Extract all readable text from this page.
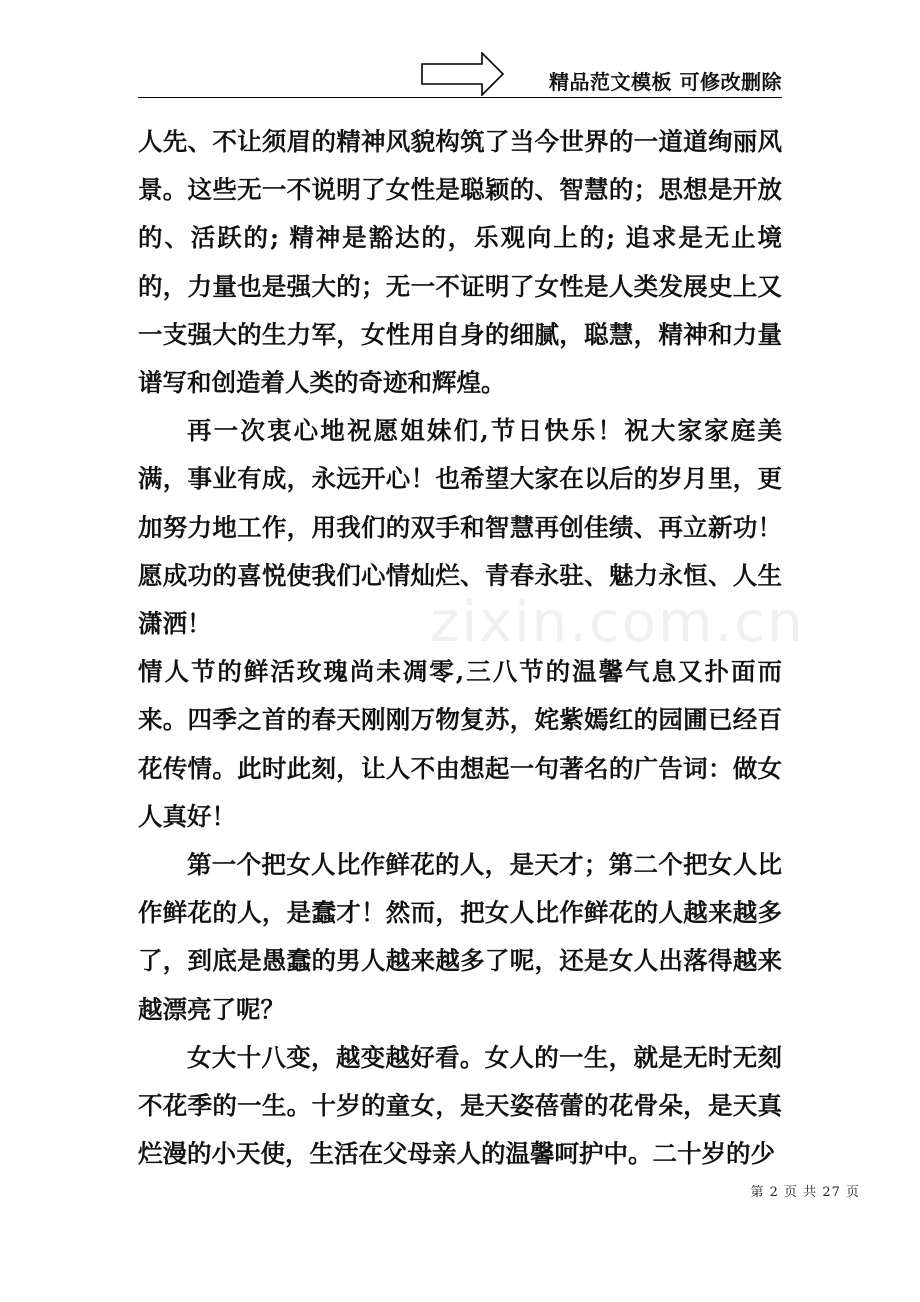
精品范文模板 可修改删除
zixin.com.cn

人先、不让须眉的精神风貌构筑了当今世界的一道道绚丽风景。这些无一不说明了女性是聪颖的、智慧的；思想是开放的、活跃的; 精神是豁达的，乐观向上的; 追求是无止境的，力量也是强大的；无一不证明了女性是人类发展史上又一支强大的生力军，女性用自身的细腻，聪慧，精神和力量谱写和创造着人类的奇迹和辉煌。

再一次衷心地祝愿姐妹们,节日快乐！祝大家家庭美满，事业有成，永远开心！也希望大家在以后的岁月里，更加努力地工作，用我们的双手和智慧再创佳绩、再立新功！愿成功的喜悦使我们心情灿烂、青春永驻、魅力永恒、人生潇洒！

情人节的鲜活玫瑰尚未凋零,三八节的温馨气息又扑面而来。四季之首的春天刚刚万物复苏，姹紫嫣红的园圃已经百花传情。此时此刻，让人不由想起一句著名的广告词：做女人真好！

第一个把女人比作鲜花的人，是天才；第二个把女人比作鲜花的人，是蠢才！然而，把女人比作鲜花的人越来越多了，到底是愚蠢的男人越来越多了呢，还是女人出落得越来越漂亮了呢？

女大十八变，越变越好看。女人的一生，就是无时无刻不花季的一生。十岁的童女，是天姿蓓蕾的花骨朵，是天真烂漫的小天使，生活在父母亲人的温馨呵护中。二十岁的少

第 2 页 共 27 页
